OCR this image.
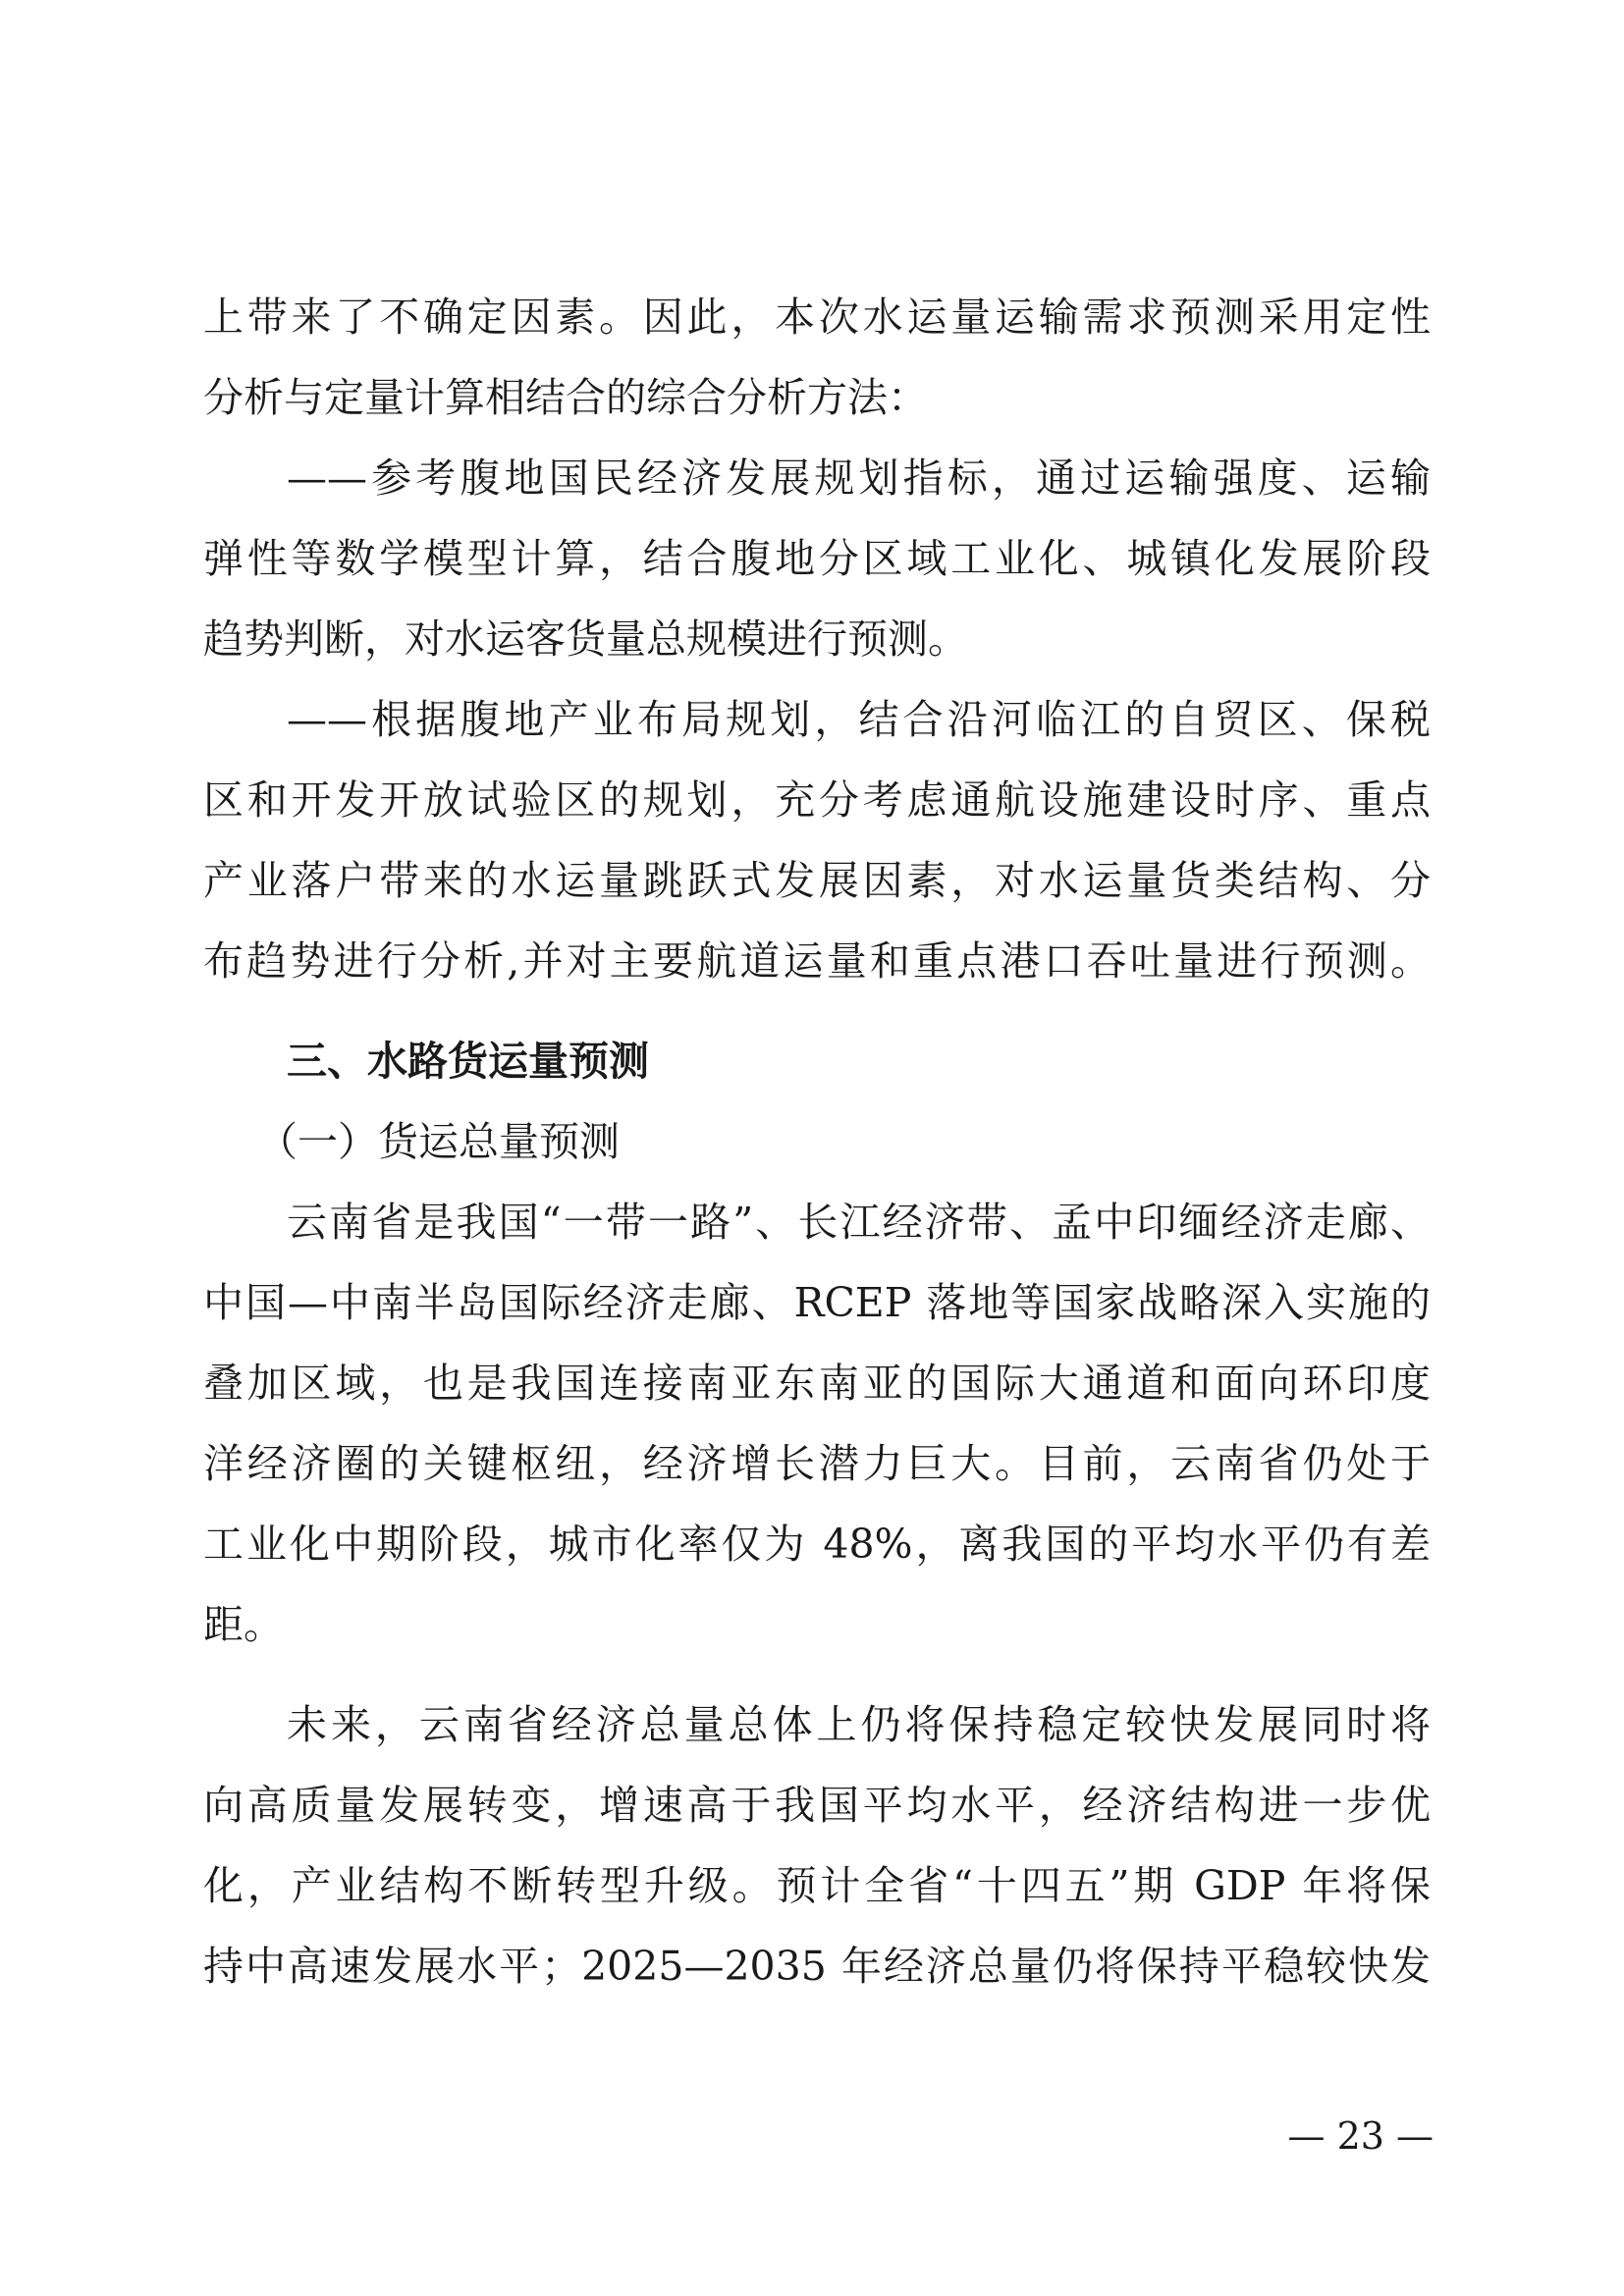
上带来了不确定因素。因此，本次水运量运输需求预测采用定性
分析与定量计算相结合的综合分析方法：
——参考腹地国民经济发展规划指标，通过运输强度、运输
弹性等数学模型计算，结合腹地分区域工业化、城镇化发展阶段
趋势判断，对水运客货量总规模进行预测。
——根据腹地产业布局规划，结合沿河临江的自贸区、保税
区和开发开放试验区的规划，充分考虑通航设施建设时序、重点
产业落户带来的水运量跳跃式发展因素，对水运量货类结构、分
布趋势进行分析,并对主要航道运量和重点港口吞吐量进行预测。
三、水路货运量预测
（一）货运总量预测
云南省是我国“一带一路”、长江经济带、孟中印缅经济走廊、
中国—中南半岛国际经济走廊、RCEP 落地等国家战略深入实施的
叠加区域，也是我国连接南亚东南亚的国际大通道和面向环印度
洋经济圈的关键枢纽，经济增长潜力巨大。目前，云南省仍处于
工业化中期阶段，城市化率仅为 48%，离我国的平均水平仍有差
距。
未来，云南省经济总量总体上仍将保持稳定较快发展同时将
向高质量发展转变，增速高于我国平均水平，经济结构进一步优
化，产业结构不断转型升级。预计全省“十四五”期 GDP 年将保
持中高速发展水平；2025—2035 年经济总量仍将保持平稳较快发
— 23 —
